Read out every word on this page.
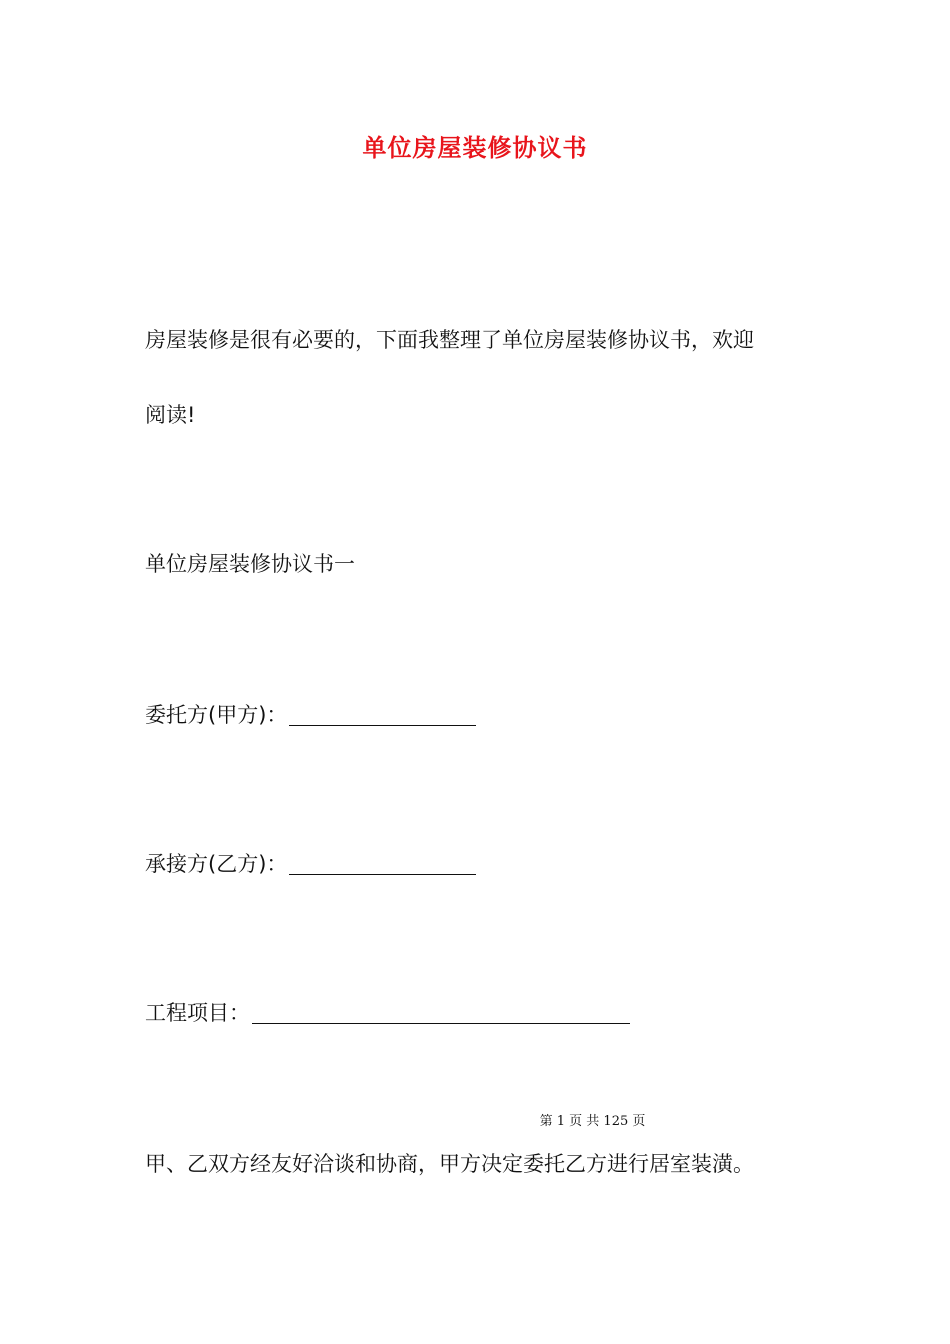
单位房屋装修协议书
房屋装修是很有必要的，下面我整理了单位房屋装修协议书，欢迎
阅读!
单位房屋装修协议书一
委托方(甲方)：
承接方(乙方)：
工程项目：
第 1 页 共 125 页
甲、乙双方经友好洽谈和协商，甲方决定委托乙方进行居室装潢。
